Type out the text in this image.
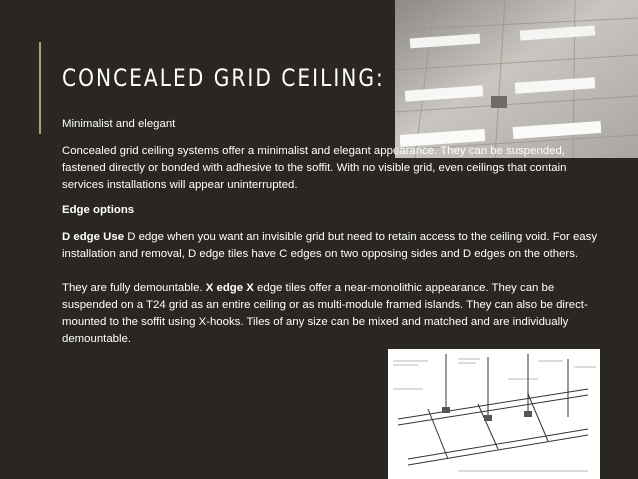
CONCEALED GRID CEILING:

Minimalist and elegant

Concealed grid ceiling systems offer a minimalist and elegant appearance. They can be suspended, fastened directly or bonded with adhesive to the soffit. With no visible grid, even ceilings that contain services installations will appear uninterrupted.

Edge options

D edge Use D edge when you want an invisible grid but need to retain access to the ceiling void. For easy installation and removal, D edge tiles have C edges on two opposing sides and D edges on the others.

They are fully demountable. X edge X edge tiles offer a near-monolithic appearance. They can be suspended on a T24 grid as an entire ceiling or as multi-module framed islands. They can also be direct-mounted to the soffit using X-hooks. Tiles of any size can be mixed and matched and are individually demountable.
